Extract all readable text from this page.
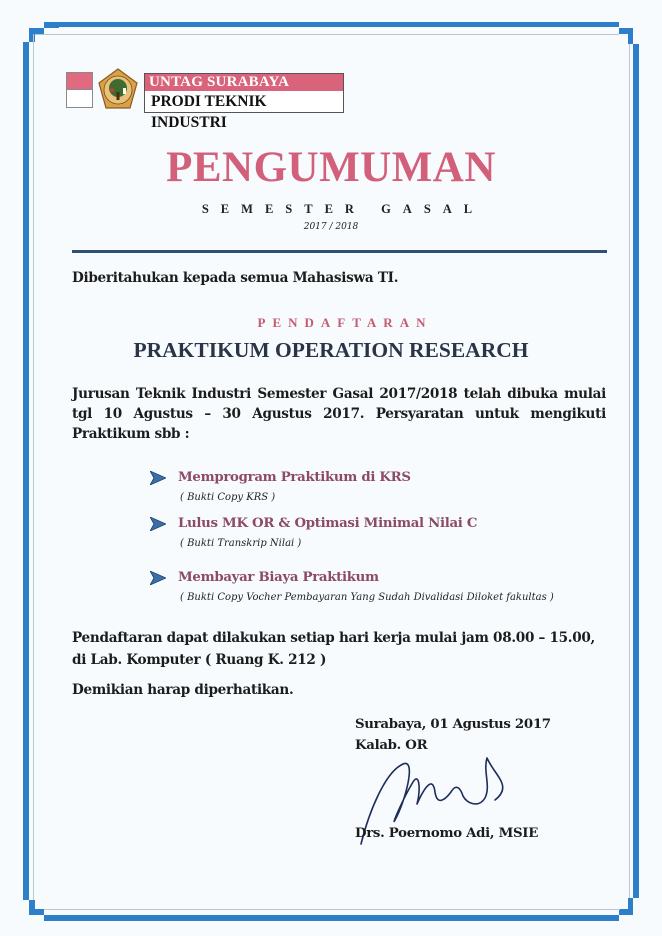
UNTAG SURABAYA
PRODI TEKNIK INDUSTRI
PENGUMUMAN
SEMESTER GASAL
2017 / 2018
Diberitahukan kepada semua Mahasiswa TI.
PENDAFTARAN
PRAKTIKUM OPERATION RESEARCH
Jurusan Teknik Industri Semester Gasal 2017/2018 telah dibuka mulai tgl 10 Agustus – 30 Agustus 2017. Persyaratan untuk mengikuti Praktikum sbb :
Memprogram Praktikum di KRS
( Bukti Copy KRS )
Lulus MK OR & Optimasi Minimal Nilai C
( Bukti Transkrip Nilai )
Membayar Biaya Praktikum
( Bukti Copy Vocher Pembayaran Yang Sudah Divalidasi Diloket fakultas )
Pendaftaran dapat dilakukan setiap hari kerja mulai jam 08.00 – 15.00,
di Lab. Komputer ( Ruang K. 212 )
Demikian harap diperhatikan.
Surabaya, 01 Agustus 2017
Kalab. OR
Drs. Poernomo Adi, MSIE
